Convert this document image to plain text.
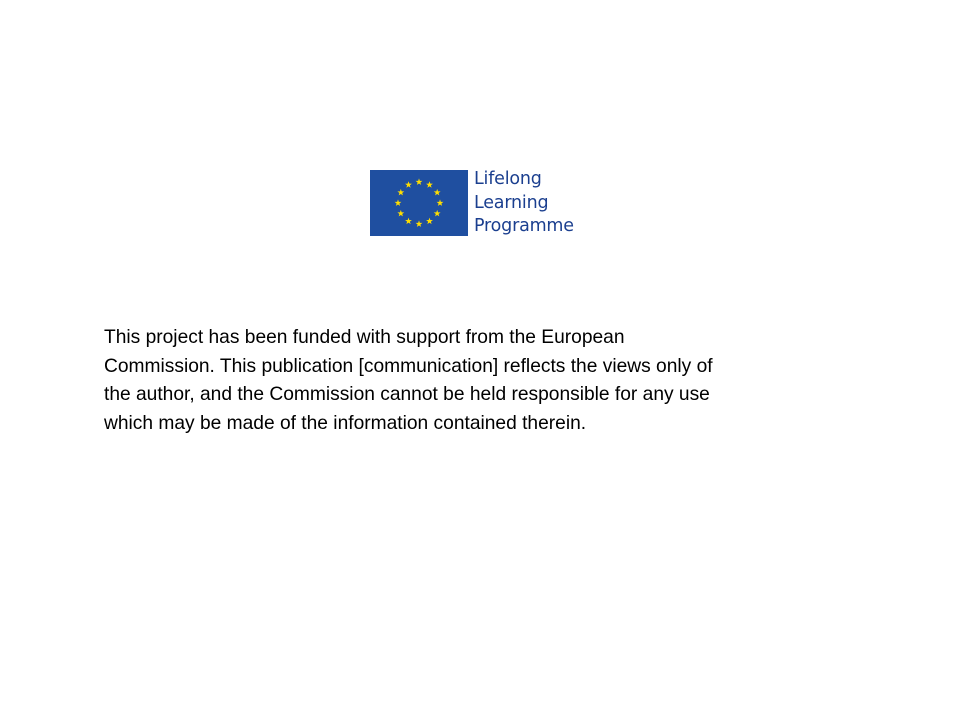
Lifelong
Learning
Programme

This project has been funded with support from the European
Commission. This publication [communication] reflects the views only of
the author, and the Commission cannot be held responsible for any use
which may be made of the information contained therein.
